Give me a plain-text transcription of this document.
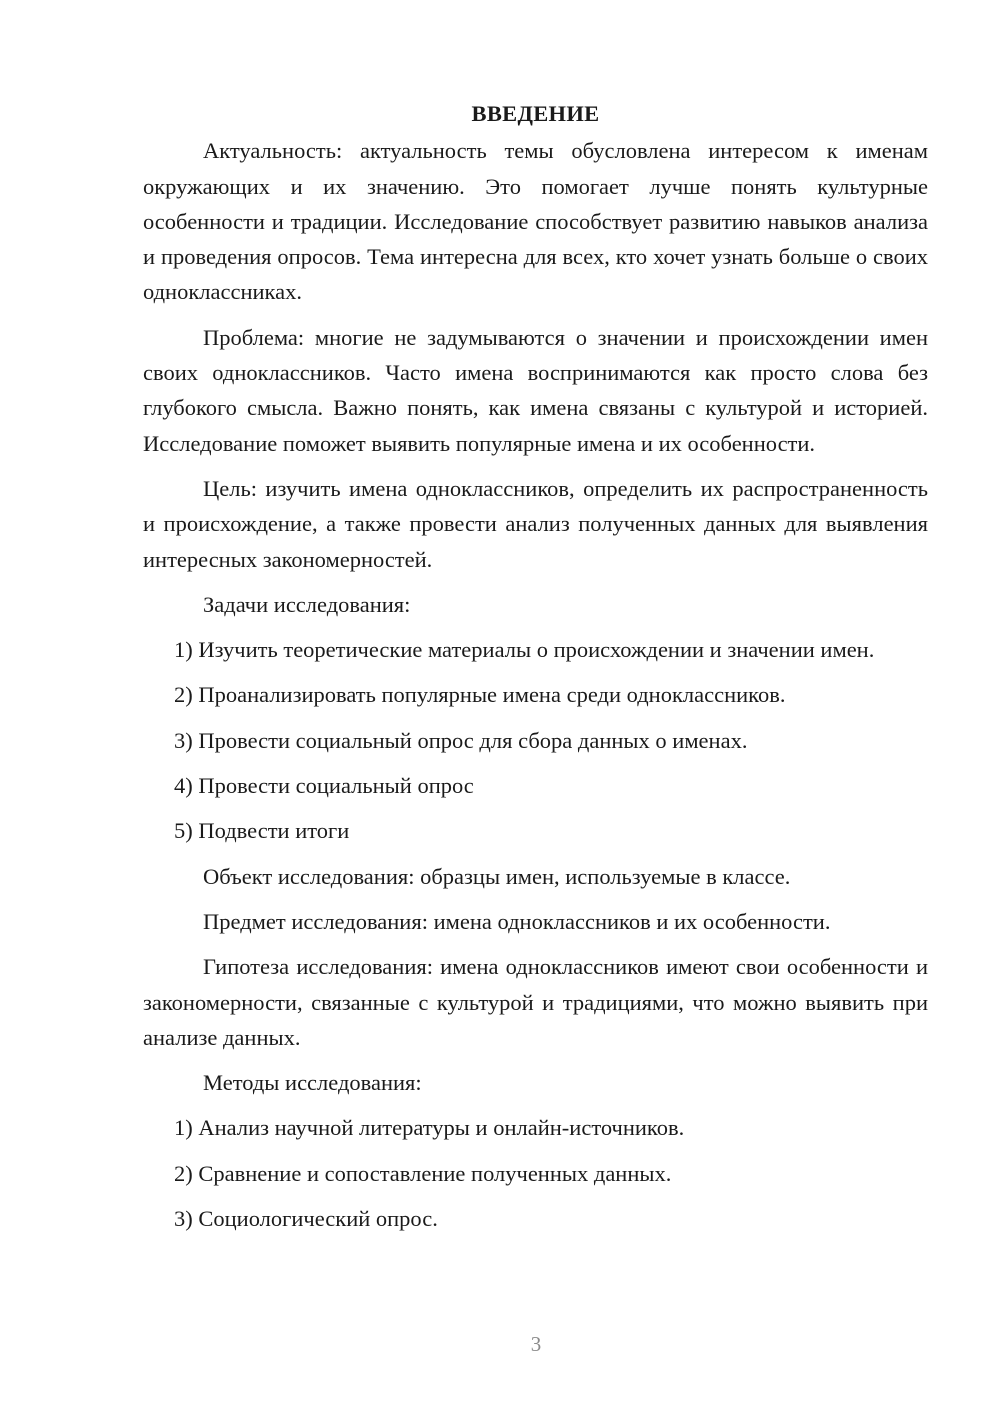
ВВЕДЕНИЕ

Актуальность: актуальность темы обусловлена интересом к именам окружающих и их значению. Это помогает лучше понять культурные особенности и традиции. Исследование способствует развитию навыков анализа и проведения опросов. Тема интересна для всех, кто хочет узнать больше о своих одноклассниках.

Проблема: многие не задумываются о значении и происхождении имен своих одноклассников. Часто имена воспринимаются как просто слова без глубокого смысла. Важно понять, как имена связаны с культурой и историей. Исследование поможет выявить популярные имена и их особенности.

Цель: изучить имена одноклассников, определить их распространенность и происхождение, а также провести анализ полученных данных для выявления интересных закономерностей.

Задачи исследования:

1) Изучить теоретические материалы о происхождении и значении имен.

2) Проанализировать популярные имена среди одноклассников.

3) Провести социальный опрос для сбора данных о именах.

4) Провести социальный опрос

5) Подвести итоги

Объект исследования: образцы имен, используемые в классе.

Предмет исследования: имена одноклассников и их особенности.

Гипотеза исследования: имена одноклассников имеют свои особенности и закономерности, связанные с культурой и традициями, что можно выявить при анализе данных.

Методы исследования:

1) Анализ научной литературы и онлайн-источников.

2) Сравнение и сопоставление полученных данных.

3) Социологический опрос.

3
